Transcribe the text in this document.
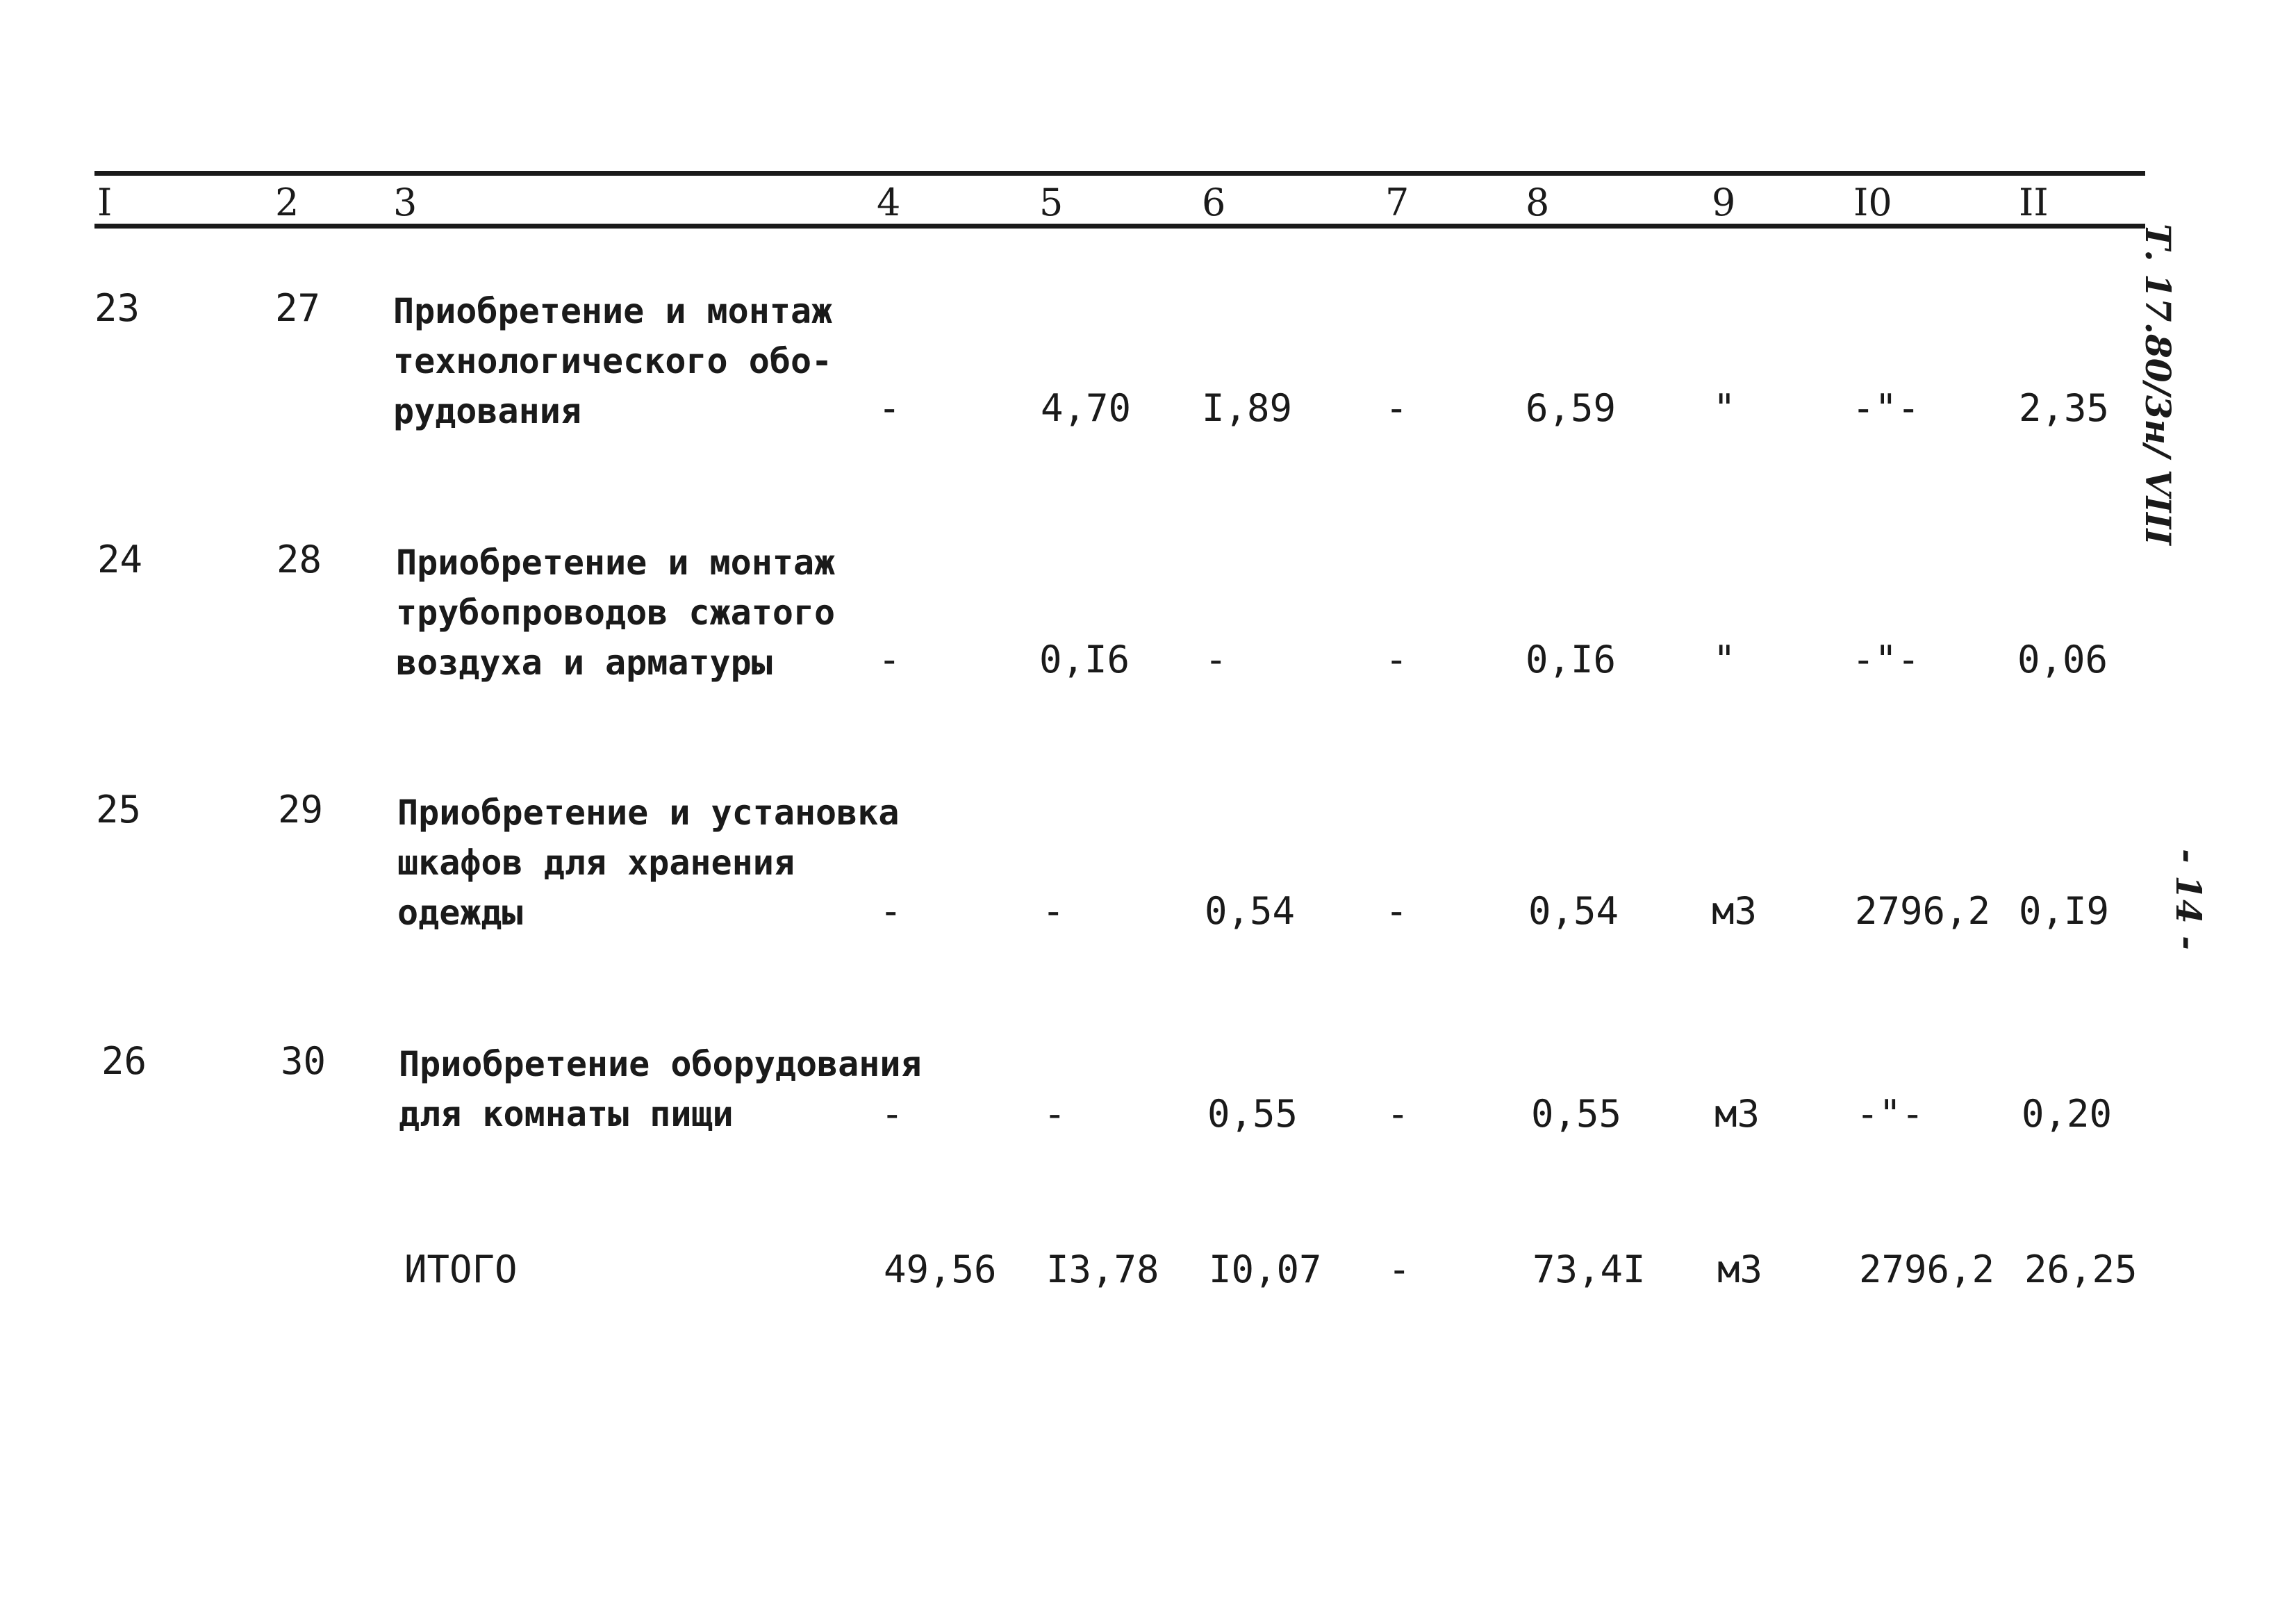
I	2	3	4	5	6	7	8	9	I0	II
23	27 Приобретение и монтаж
технологического обо-
рудования	-	4,70 I,89 -	6,59	"	-"-	2,35
24	28 Приобретение и монтаж
трубопроводов сжатого
воздуха и арматуры	-	0,I6 -	-	0,I6	"	-"-	0,06
25	29 Приобретение и установка
шкафов для хранения
одежды	-	-	0,54 -	0,54 м3	2796,2 0,I9
26	30 Приобретение оборудования
для комнаты пищи	-	-	0,55 -	0,55 м3	-"-	0,20
ИТОГО	49,56 I3,78 I0,07 -	73,4I м3	2796,2 26,25
Т. 17.80/3н/ VIII
- 14 -
